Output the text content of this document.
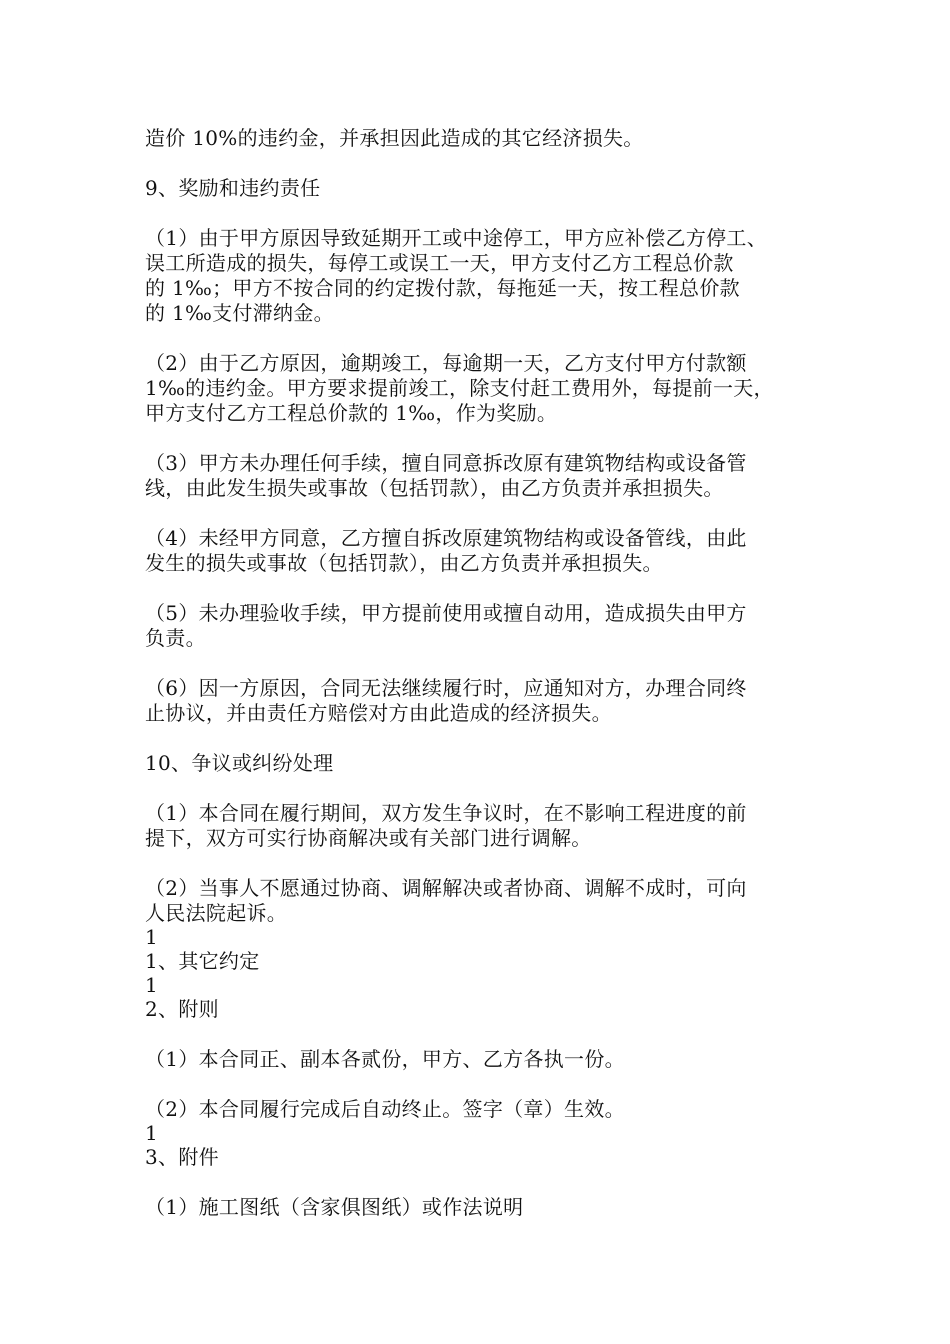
造价 10%的违约金，并承担因此造成的其它经济损失。
9、奖励和违约责任
（1）由于甲方原因导致延期开工或中途停工，甲方应补偿乙方停工、
误工所造成的损失，每停工或误工一天，甲方支付乙方工程总价款
的 1‰；甲方不按合同的约定拨付款，每拖延一天，按工程总价款
的 1‰支付滞纳金。
（2）由于乙方原因，逾期竣工，每逾期一天，乙方支付甲方付款额
1‰的违约金。甲方要求提前竣工，除支付赶工费用外，每提前一天，
甲方支付乙方工程总价款的 1‰，作为奖励。
（3）甲方未办理任何手续，擅自同意拆改原有建筑物结构或设备管
线，由此发生损失或事故（包括罚款），由乙方负责并承担损失。
（4）未经甲方同意，乙方擅自拆改原建筑物结构或设备管线，由此
发生的损失或事故（包括罚款），由乙方负责并承担损失。
（5）未办理验收手续，甲方提前使用或擅自动用，造成损失由甲方
负责。
（6）因一方原因，合同无法继续履行时，应通知对方，办理合同终
止协议，并由责任方赔偿对方由此造成的经济损失。
10、争议或纠纷处理
（1）本合同在履行期间，双方发生争议时，在不影响工程进度的前
提下，双方可实行协商解决或有关部门进行调解。
（2）当事人不愿通过协商、调解解决或者协商、调解不成时，可向
人民法院起诉。
1
1、其它约定
1
2、附则
（1）本合同正、副本各贰份，甲方、乙方各执一份。
（2）本合同履行完成后自动终止。签字（章）生效。
1
3、附件
（1）施工图纸（含家俱图纸）或作法说明
